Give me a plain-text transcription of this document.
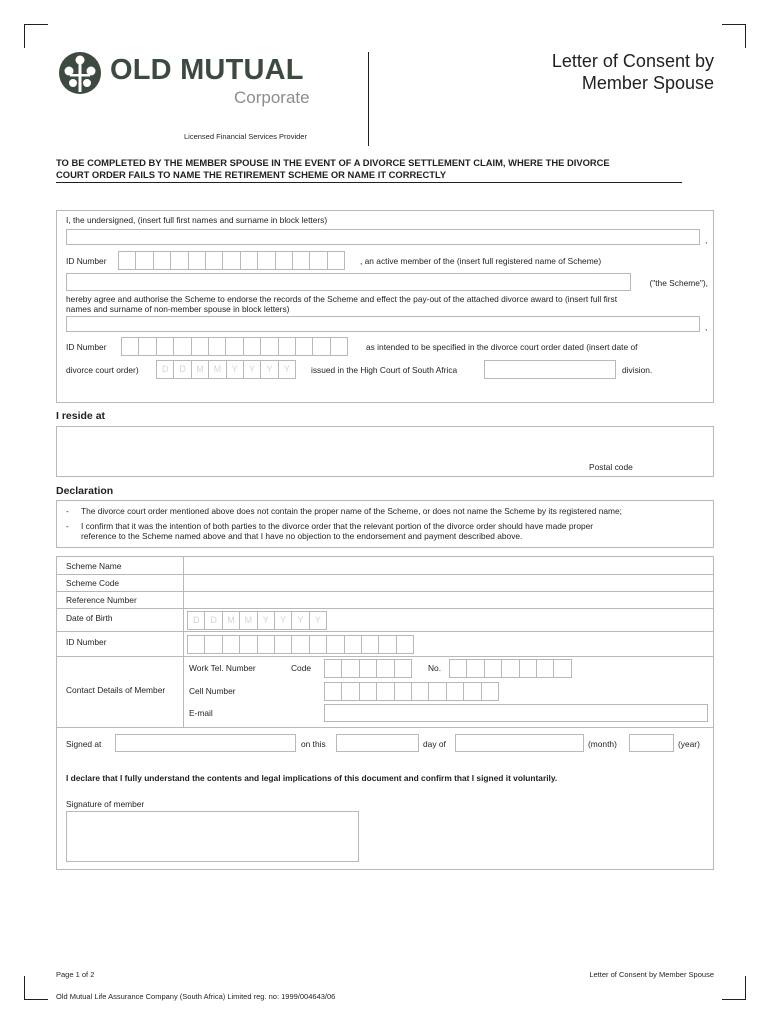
OLD MUTUAL
Corporate
Licensed Financial Services Provider
Letter of Consent by
Member Spouse
TO BE COMPLETED BY THE MEMBER SPOUSE IN THE EVENT OF A DIVORCE SETTLEMENT CLAIM, WHERE THE DIVORCE
COURT ORDER FAILS TO NAME THE RETIREMENT SCHEME OR NAME IT CORRECTLY
I, the undersigned, (insert full first names and surname in block letters)
,
ID Number	, an active member of the (insert full registered name of Scheme)
("the Scheme"),
hereby agree and authorise the Scheme to endorse the records of the Scheme and effect the pay-out of the attached divorce award to (insert full first
names and surname of non-member spouse in block letters)
,
ID Number	as intended to be specified in the divorce court order dated (insert date of
divorce court order)	D	D	M	M	Y	Y	Y	Y	issued in the High Court of South Africa	division.
I reside at
Postal code
Declaration
- The divorce court order mentioned above does not contain the proper name of the Scheme, or does not name the Scheme by its registered name;
- I confirm that it was the intention of both parties to the divorce order that the relevant portion of the divorce order should have made proper
reference to the Scheme named above and that I have no objection to the endorsement and payment described above.
Scheme Name
Scheme Code
Reference Number
Date of Birth	D	D	M	M	Y	Y	Y	Y
ID Number
Contact Details of Member
Work Tel. Number	Code	No.
Cell Number
E-mail
Signed at	on this	day of	(month)	(year)
I declare that I fully understand the contents and legal implications of this document and confirm that I signed it voluntarily.
Signature of member
Page 1 of 2	Letter of Consent by Member Spouse
Old Mutual Life Assurance Company (South Africa) Limited reg. no: 1999/004643/06
